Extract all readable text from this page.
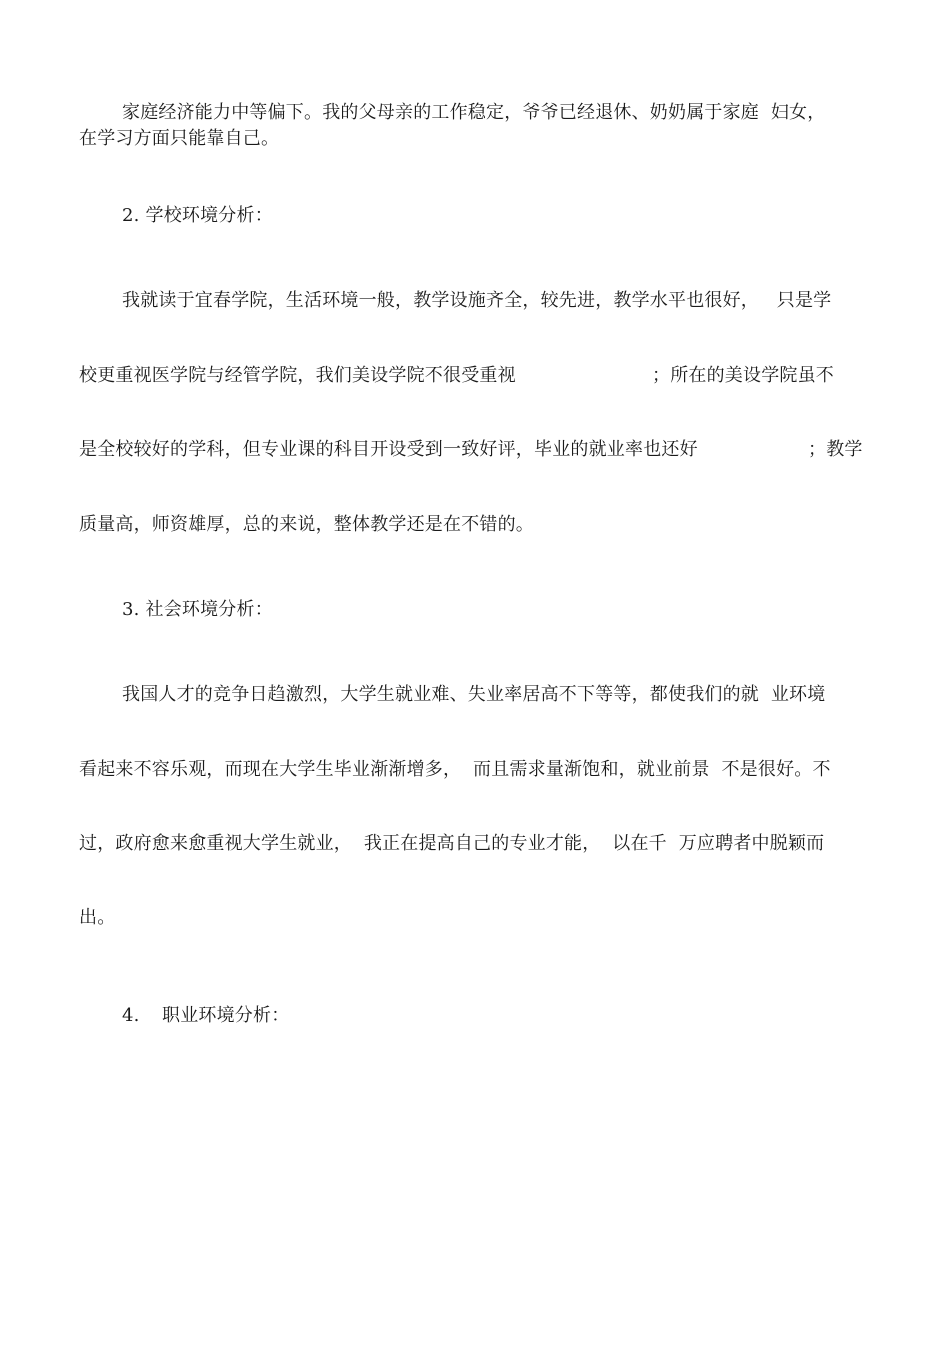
家庭经济能力中等偏下。我的父母亲的工作稳定，爷爷已经退休、奶奶属于家庭  妇女，
在学习方面只能靠自己。
2. 学校环境分析：
我就读于宜春学院，生活环境一般，教学设施齐全，较先进，教学水平也很好，   只是学
校更重视医学院与经管学院，我们美设学院不很受重视	；所在的美设学院虽不
是全校较好的学科，但专业课的科目开设受到一致好评，毕业的就业率也还好	；教学
质量高，师资雄厚，总的来说，整体教学还是在不错的。
3. 社会环境分析：
我国人才的竞争日趋激烈，大学生就业难、失业率居高不下等等，都使我们的就  业环境
看起来不容乐观，而现在大学生毕业渐渐增多，  而且需求量渐饱和，就业前景  不是很好。不
过，政府愈来愈重视大学生就业，  我正在提高自己的专业才能，  以在千  万应聘者中脱颖而
出。
4. 职业环境分析：
